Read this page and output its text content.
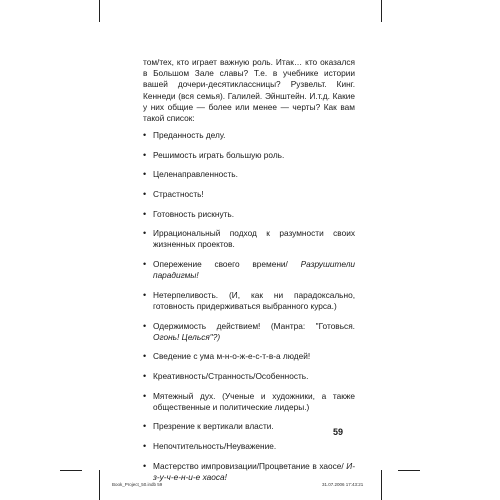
том/тех, кто играет важную роль. Итак… кто оказался в Большом Зале славы? Т.е. в учебнике истории вашей дочери-десятиклассницы? Рузвельт. Кинг. Кеннеди (вся семья). Галилей. Эйнштейн. И.т.д. Какие у них общие — более или менее — черты? Как вам такой список:

• Преданность делу.
• Решимость играть большую роль.
• Целенаправленность.
• Страстность!
• Готовность рискнуть.
• Иррациональный подход к разумности своих жизненных проектов.
• Опережение своего времени/ Разрушители парадигмы!
• Нетерпеливость. (И, как ни парадоксально, готовность придерживаться выбранного курса.)
• Одержимость действием! (Мантра: "Готовься. Огонь! Целься"?)
• Сведение с ума м-н-о-ж-е-с-т-в-а людей!
• Креативность/Странность/Особенность.
• Мятежный дух. (Ученые и художники, а также общественные и политические лидеры.)
• Презрение к вертикали власти.
• Непочтительность/Неуважение.
• Мастерство импровизации/Процветание в хаосе/ И-з-у-ч-е-н-и-е хаоса!
59
Book_Project_50.indb 59	31.07.2006 17:43:21
